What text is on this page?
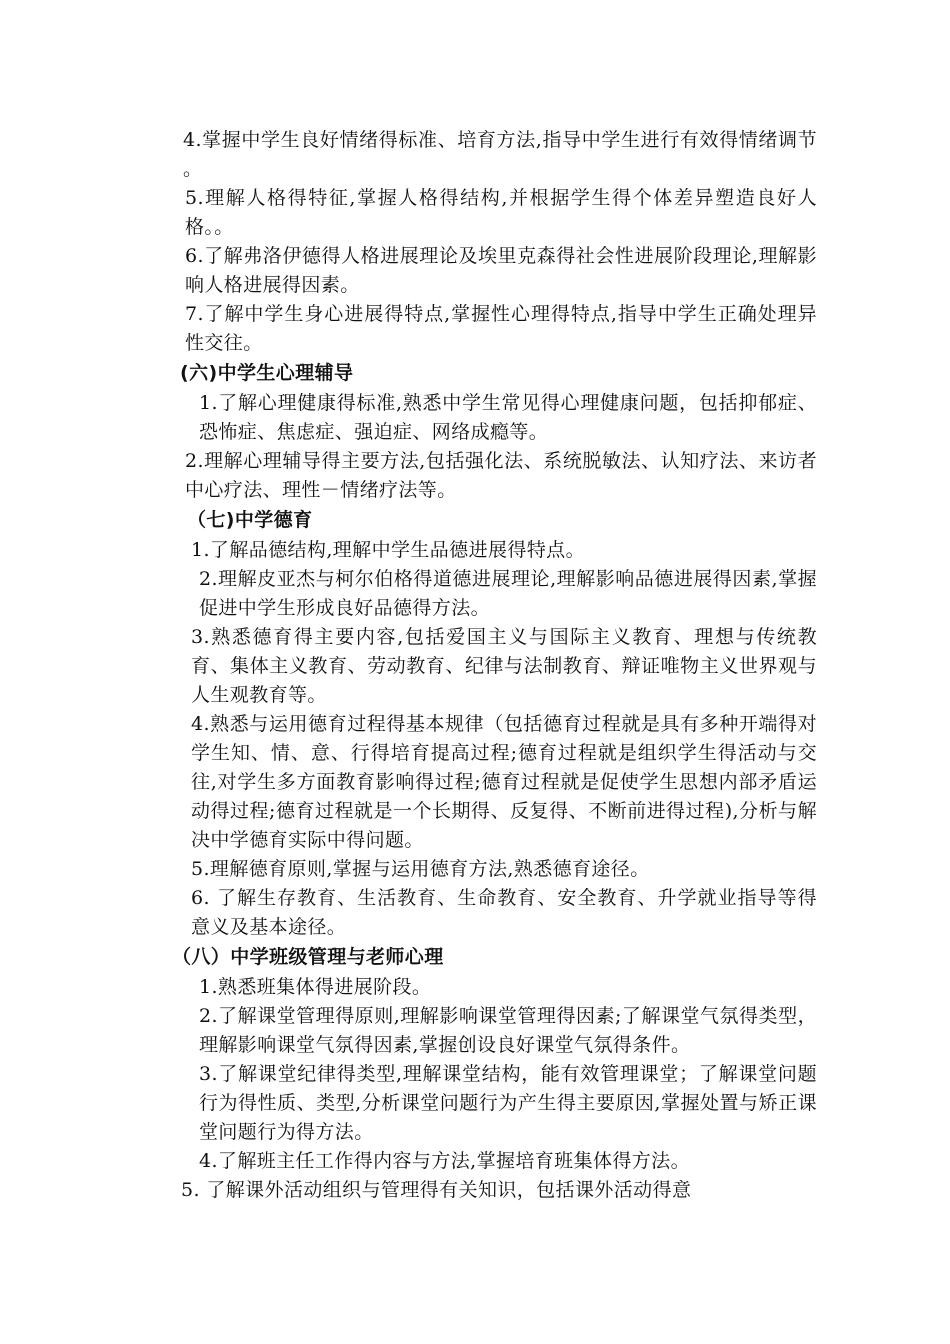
4.掌握中学生良好情绪得标准、培育方法,指导中学生进行有效得情绪调节 。

5.理解人格得特征,掌握人格得结构,并根据学生得个体差异塑造良好人格。。

6.了解弗洛伊德得人格进展理论及埃里克森得社会性进展阶段理论,理解影响人格进展得因素。

7.了解中学生身心进展得特点,掌握性心理得特点,指导中学生正确处理异性交往。

(六)中学生心理辅导

1.了解心理健康得标准,熟悉中学生常见得心理健康问题，包括抑郁症、恐怖症、焦虑症、强迫症、网络成瘾等。

2.理解心理辅导得主要方法,包括强化法、系统脱敏法、认知疗法、来访者中心疗法、理性－情绪疗法等。

（七)中学德育

1.了解品德结构,理解中学生品德进展得特点。

2.理解皮亚杰与柯尔伯格得道德进展理论,理解影响品德进展得因素,掌握促进中学生形成良好品德得方法。

3.熟悉德育得主要内容,包括爱国主义与国际主义教育、理想与传统教育、集体主义教育、劳动教育、纪律与法制教育、辩证唯物主义世界观与人生观教育等。

4.熟悉与运用德育过程得基本规律（包括德育过程就是具有多种开端得对学生知、情、意、行得培育提高过程;德育过程就是组织学生得活动与交往,对学生多方面教育影响得过程;德育过程就是促使学生思想内部矛盾运动得过程;德育过程就是一个长期得、反复得、不断前进得过程),分析与解决中学德育实际中得问题。

5.理解德育原则,掌握与运用德育方法,熟悉德育途径。

6. 了解生存教育、生活教育、生命教育、安全教育、升学就业指导等得意义及基本途径。

（八）中学班级管理与老师心理

1.熟悉班集体得进展阶段。

2.了解课堂管理得原则,理解影响课堂管理得因素;了解课堂气氛得类型，理解影响课堂气氛得因素,掌握创设良好课堂气氛得条件。

3.了解课堂纪律得类型,理解课堂结构，能有效管理课堂；了解课堂问题行为得性质、类型,分析课堂问题行为产生得主要原因,掌握处置与矫正课堂问题行为得方法。

4.了解班主任工作得内容与方法,掌握培育班集体得方法。

5. 了解课外活动组织与管理得有关知识，包括课外活动得意
